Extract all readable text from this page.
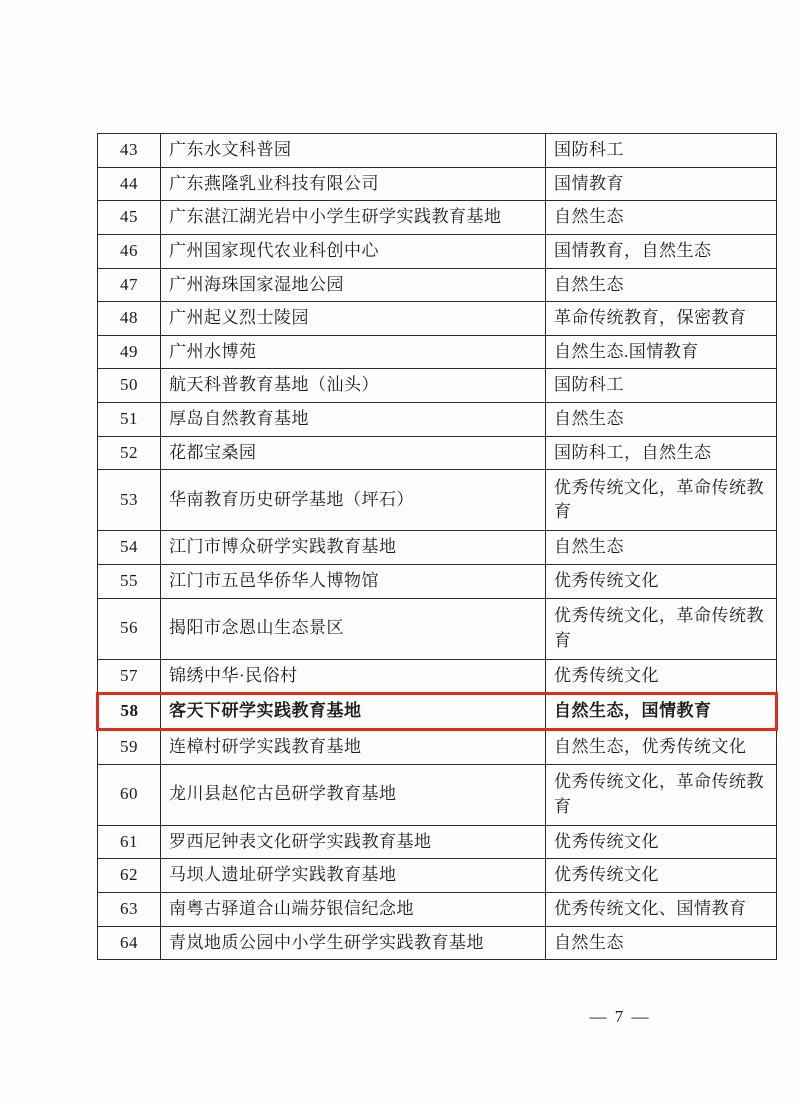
43	广东水文科普园	国防科工
44	广东燕隆乳业科技有限公司	国情教育
45	广东湛江湖光岩中小学生研学实践教育基地	自然生态
46	广州国家现代农业科创中心	国情教育，自然生态
47	广州海珠国家湿地公园	自然生态
48	广州起义烈士陵园	革命传统教育，保密教育
49	广州水博苑	自然生态.国情教育
50	航天科普教育基地（汕头）	国防科工
51	厚岛自然教育基地	自然生态
52	花都宝桑园	国防科工，自然生态
53	华南教育历史研学基地（坪石）	优秀传统文化，革命传统教育
54	江门市博众研学实践教育基地	自然生态
55	江门市五邑华侨华人博物馆	优秀传统文化
56	揭阳市念恩山生态景区	优秀传统文化，革命传统教育
57	锦绣中华·民俗村	优秀传统文化
58	客天下研学实践教育基地	自然生态，国情教育
59	连樟村研学实践教育基地	自然生态，优秀传统文化
60	龙川县赵佗古邑研学教育基地	优秀传统文化，革命传统教育
61	罗西尼钟表文化研学实践教育基地	优秀传统文化
62	马坝人遗址研学实践教育基地	优秀传统文化
63	南粤古驿道合山端芬银信纪念地	优秀传统文化、国情教育
64	青岚地质公园中小学生研学实践教育基地	自然生态
— 7 —
